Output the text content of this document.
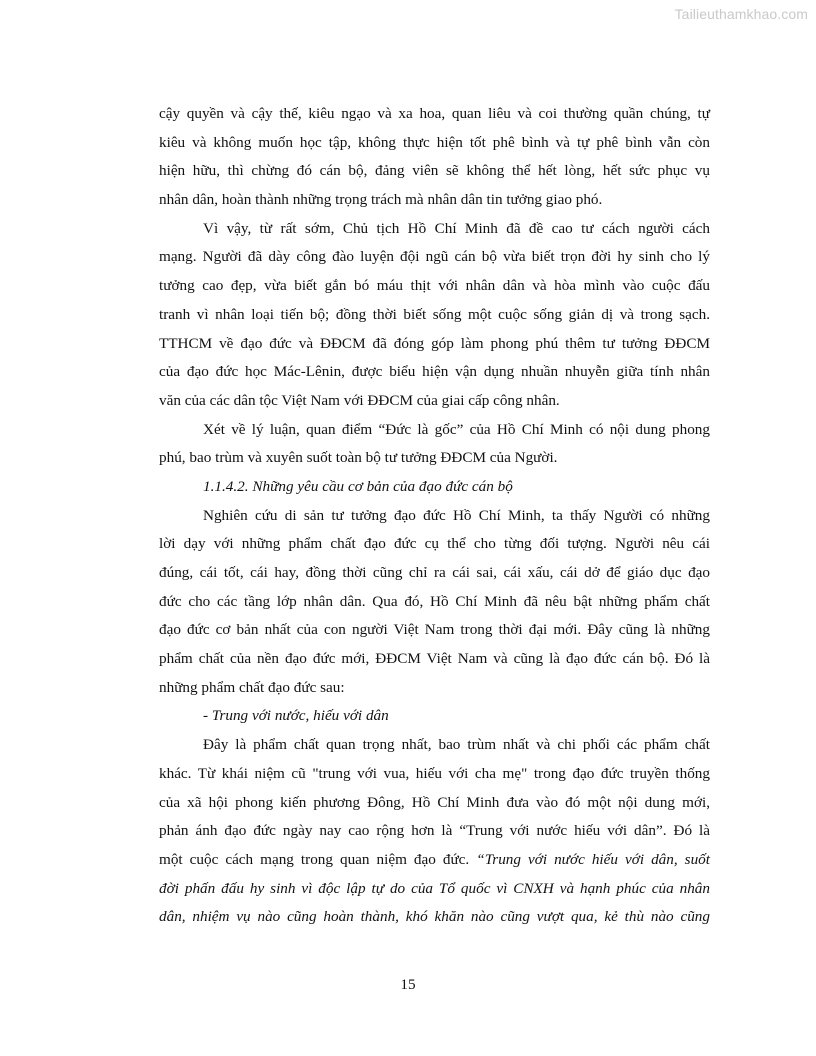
Tailieuthamkhao.com
cậy quyền và cậy thế, kiêu ngạo và xa hoa, quan liêu và coi thường quần chúng, tự
kiêu và không muốn học tập, không thực hiện tốt phê bình và tự phê bình vẫn còn
hiện hữu, thì chừng đó cán bộ, đảng viên sẽ không thể hết lòng, hết sức phục vụ
nhân dân, hoàn thành những trọng trách mà nhân dân tin tưởng giao phó.
Vì vậy, từ rất sớm, Chủ tịch Hồ Chí Minh đã đề cao tư cách người cách
mạng. Người đã dày công đào luyện đội ngũ cán bộ vừa biết trọn đời hy sinh cho lý
tưởng cao đẹp, vừa biết gắn bó máu thịt với nhân dân và hòa mình vào cuộc đấu
tranh vì nhân loại tiến bộ; đồng thời biết sống một cuộc sống giản dị và trong sạch.
TTHCM về đạo đức và ĐĐCM đã đóng góp làm phong phú thêm tư tưởng ĐĐCM
của đạo đức học Mác-Lênin, được biểu hiện vận dụng nhuần nhuyễn giữa tính nhân
văn của các dân tộc Việt Nam với ĐĐCM của giai cấp công nhân.
Xét về lý luận, quan điểm “Đức là gốc” của Hồ Chí Minh có nội dung phong
phú, bao trùm và xuyên suốt toàn bộ tư tưởng ĐĐCM của Người.
1.1.4.2. Những yêu cầu cơ bản của đạo đức cán bộ
Nghiên cứu di sản tư tưởng đạo đức Hồ Chí Minh, ta thấy Người có những
lời dạy với những phẩm chất đạo đức cụ thể cho từng đối tượng. Người nêu cái
đúng, cái tốt, cái hay, đồng thời cũng chỉ ra cái sai, cái xấu, cái dở để giáo dục đạo
đức cho các tầng lớp nhân dân. Qua đó, Hồ Chí Minh đã nêu bật những phẩm chất
đạo đức cơ bản nhất của con người Việt Nam trong thời đại mới. Đây cũng là những
phẩm chất của nền đạo đức mới, ĐĐCM Việt Nam và cũng là đạo đức cán bộ. Đó là
những phẩm chất đạo đức sau:
- Trung với nước, hiếu với dân
Đây là phẩm chất quan trọng nhất, bao trùm nhất và chi phối các phẩm chất
khác. Từ khái niệm cũ "trung với vua, hiếu với cha mẹ" trong đạo đức truyền thống
của xã hội phong kiến phương Đông, Hồ Chí Minh đưa vào đó một nội dung mới,
phản ánh đạo đức ngày nay cao rộng hơn là “Trung với nước hiếu với dân”. Đó là
một cuộc cách mạng trong quan niệm đạo đức. “Trung với nước hiếu với dân, suốt
đời phấn đấu hy sinh vì độc lập tự do của Tổ quốc vì CNXH và hạnh phúc của nhân
dân, nhiệm vụ nào cũng hoàn thành, khó khăn nào cũng vượt qua, kẻ thù nào cũng
15
